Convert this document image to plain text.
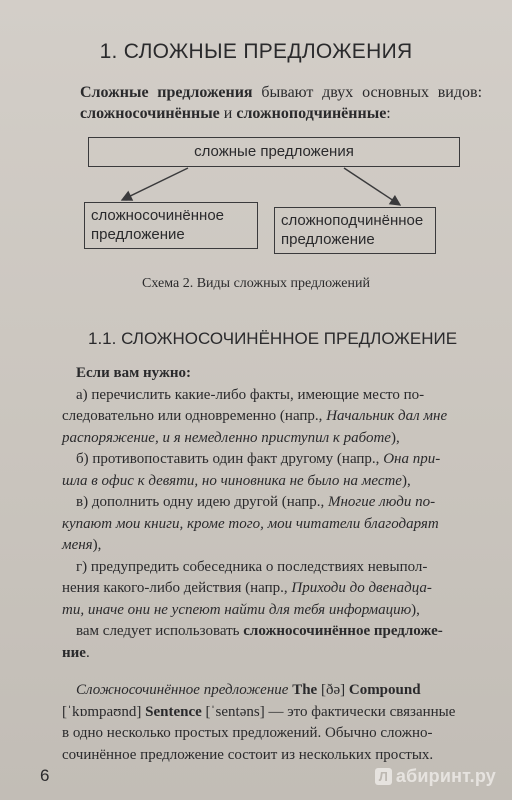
1. СЛОЖНЫЕ ПРЕДЛОЖЕНИЯ
Сложные предложения бывают двух основных видов: сложносочинённые и сложноподчинённые:
сложные предложения
сложносочинённое предложение
сложноподчинённое предложение
Схема 2. Виды сложных предложений
1.1. СЛОЖНОСОЧИНЁННОЕ ПРЕДЛОЖЕНИЕ
Если вам нужно:
а) перечислить какие-либо факты, имеющие место по-
следовательно или одновременно (напр., Начальник дал мне
распоряжение, и я немедленно приступил к работе),
б) противопоставить один факт другому (напр., Она при-
шла в офис к девяти, но чиновника не было на месте),
в) дополнить одну идею другой (напр., Многие люди по-
купают мои книги, кроме того, мои читатели благодарят
меня),
г) предупредить собеседника о последствиях невыпол-
нения какого-либо действия (напр., Приходи до двенадца-
ти, иначе они не успеют найти для тебя информацию),
вам следует использовать сложносочинённое предложе-
ние.
Сложносочинённое предложение The [ðə] Compound
[ˈkɒmpaʊnd] Sentence [ˈsentəns] — это фактически связанные
в одно несколько простых предложений. Обычно сложно-
сочинённое предложение состоит из нескольких простых.
6	Л абиринт.ру
